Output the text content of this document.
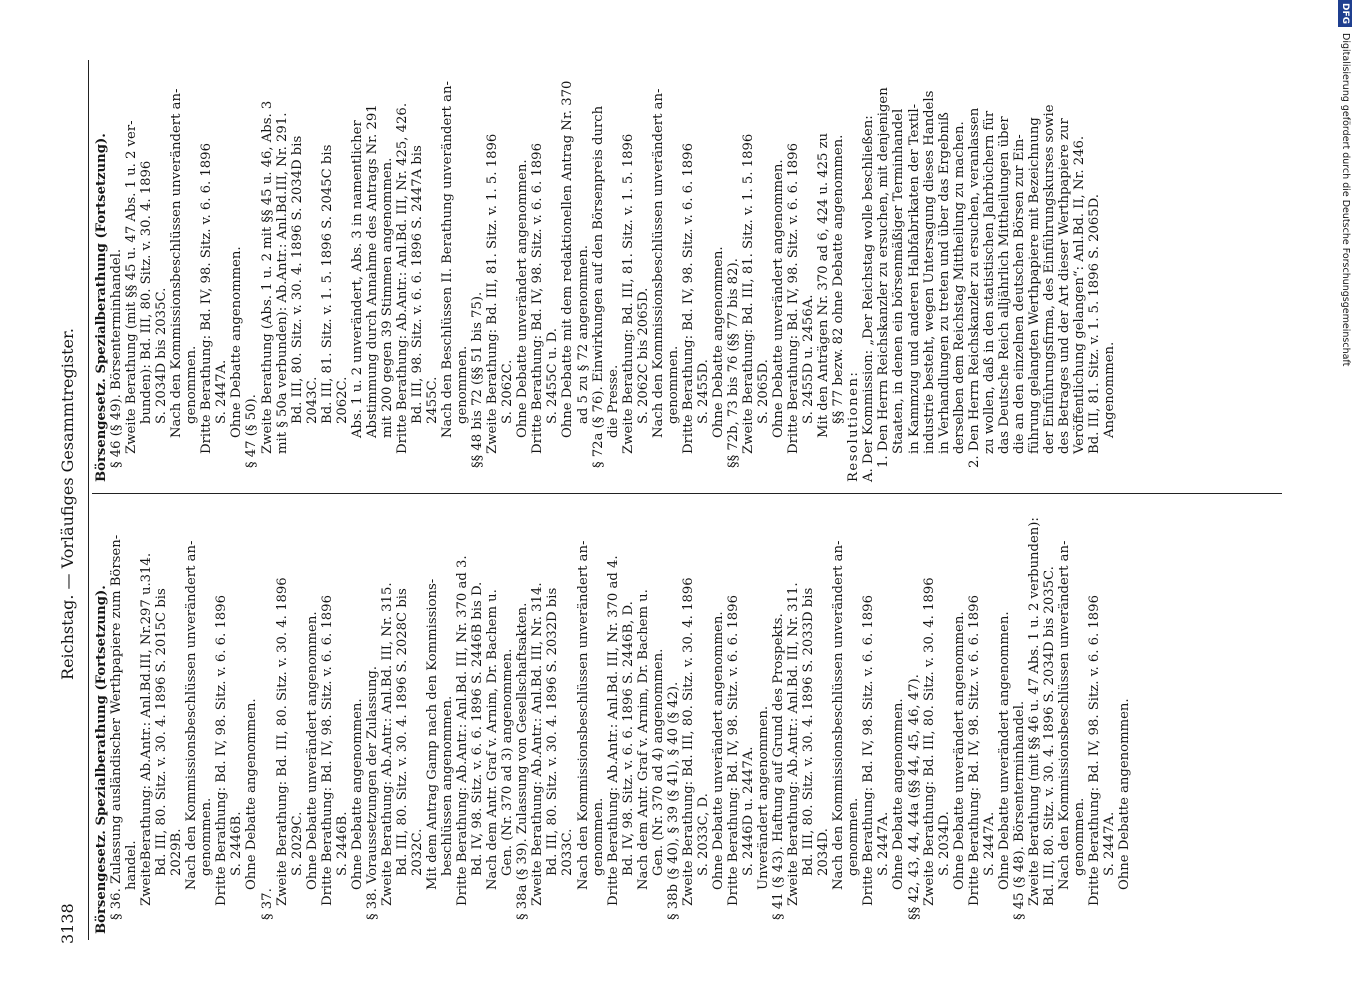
3138
Reichstag. — Vorläufiges Gesammtregister.
Börsengesetz. Spezialberathung (Fortsetzung). § 36. Zulassung ausländischer Werthpapiere zum Börsen- handel. ZweiteBerathung: Ab.Antr.: Anl.Bd.III, Nr.297 u.314. Bd. III, 80. Sitz. v. 30. 4. 1896 S. 2015C bis 2029B. Nach den Kommissionsbeschlüssen unverändert an- genommen. Dritte Berathung: Bd. IV, 98. Sitz. v. 6. 6. 1896 S. 2446B. Ohne Debatte angenommen.
§ 37. Zweite Berathung: Bd. III, 80. Sitz. v. 30. 4. 1896 S. 2029C. Ohne Debatte unverändert angenommen. Dritte Berathung: Bd. IV, 98. Sitz. v. 6. 6. 1896 S. 2446B. Ohne Debatte angenommen. § 38. Voraussetzungen der Zulassung. Zweite Berathung: Ab.Antr.: Anl.Bd. III, Nr. 315. Bd. III, 80. Sitz. v. 30. 4. 1896 S. 2028C bis 2032C. Mit dem Antrag Gamp nach den Kommissions- beschlüssen angenommen. Dritte Berathung: Ab.Antr.: Anl.Bd. III, Nr. 370 ad 3. Bd. IV, 98. Sitz. v. 6. 6. 1896 S. 2446B bis D. Nach dem Antr. Graf v. Arnim, Dr. Bachem u. Gen. (Nr. 370 ad 3) angenommen. § 38a (§ 39). Zulassung von Gesellschaftsakten. Zweite Berathung: Ab.Antr.: Anl.Bd. III, Nr. 314. Bd. III, 80. Sitz. v. 30. 4. 1896 S. 2032D bis 2033C. Nach den Kommissionsbeschlüssen unverändert an- genommen. Dritte Berathung: Ab.Antr.: Anl.Bd. III, Nr. 370 ad 4. Bd. IV, 98. Sitz. v. 6. 6. 1896 S. 2446B, D. Nach dem Antr. Graf v. Arnim, Dr. Bachem u. Gen. (Nr. 370 ad 4) angenommen. § 38b (§ 40), § 39 (§ 41), § 40 (§ 42). Zweite Berathung: Bd. III, 80. Sitz. v. 30. 4. 1896 S. 2033C, D. Ohne Debatte unverändert angenommen. Dritte Berathung: Bd. IV, 98. Sitz. v. 6. 6. 1896 S. 2446D u. 2447A. Unverändert angenommen. § 41 (§ 43). Haftung auf Grund des Prospekts. Zweite Berathung: Ab.Antr.: Anl.Bd. III, Nr. 311. Bd. III, 80. Sitz. v. 30. 4. 1896 S. 2033D bis 2034D. Nach den Kommissionsbeschlüssen unverändert an- genommen. Dritte Berathung: Bd. IV, 98. Sitz. v. 6. 6. 1896 S. 2447A. Ohne Debatte angenommen. §§ 42, 43, 44, 44a (§§ 44, 45, 46, 47). Zweite Berathung: Bd. III, 80. Sitz. v. 30. 4. 1896 S. 2034D. Ohne Debatte unverändert angenommen. Dritte Berathung: Bd. IV, 98. Sitz. v. 6. 6. 1896 S. 2447A. Ohne Debatte unverändert angenommen. § 45 (§ 48). Börsenterminhandel. Zweite Berathung (mit §§ 46 u. 47 Abs. 1 u. 2 verbunden): Bd. III, 80. Sitz. v. 30. 4. 1896 S. 2034D bis 2035C. Nach den Kommissionsbeschlüssen unverändert an- genommen. Dritte Berathung: Bd. IV, 98. Sitz. v. 6. 6. 1896 S. 2447A. Ohne Debatte angenommen.
Börsengesetz. Spezialberathung (Fortsetzung). § 46 (§ 49). Börsenterminhandel. Zweite Berathung (mit §§ 45 u. 47 Abs. 1 u. 2 ver- bunden): Bd. III, 80. Sitz. v. 30. 4. 1896 S. 2034D bis 2035C. Nach den Kommissionsbeschlüssen unverändert an- genommen. Dritte Berathung: Bd. IV, 98. Sitz. v. 6. 6. 1896 S. 2447A. Ohne Debatte angenommen. § 47 (§ 50). Zweite Berathung (Abs. 1 u. 2 mit §§ 45 u. 46, Abs. 3 mit § 50a verbunden): Ab.Antr.: Anl.Bd.III, Nr. 291. Bd. III, 80. Sitz. v. 30. 4. 1896 S. 2034D bis 2043C. Bd. III, 81. Sitz. v. 1. 5. 1896 S. 2045C bis 2062C. Abs. 1 u. 2 unverändert, Abs. 3 in namentlicher Abstimmung durch Annahme des Antrags Nr. 291 mit 200 gegen 39 Stimmen angenommen. Dritte Berathung: Ab.Antr.: Anl.Bd. III, Nr. 425, 426. Bd. III, 98. Sitz. v. 6. 6. 1896 S. 2447A bis 2455C. Nach den Beschlüssen II. Berathung unverändert an- genommen. §§ 48 bis 72 (§§ 51 bis 75). Zweite Berathung: Bd. III, 81. Sitz. v. 1. 5. 1896 S. 2062C. Ohne Debatte unverändert angenommen. Dritte Berathung: Bd. IV, 98. Sitz. v. 6. 6. 1896 S. 2455C u. D. Ohne Debatte mit dem redaktionellen Antrag Nr. 370 ad 5 zu § 72 angenommen. § 72a (§ 76). Einwirkungen auf den Börsenpreis durch die Presse. Zweite Berathung: Bd. III, 81. Sitz. v. 1. 5. 1896 S. 2062C bis 2065D. Nach den Kommissionsbeschlüssen unverändert an- genommen. Dritte Berathung: Bd. IV, 98. Sitz. v. 6. 6. 1896 S. 2455D. Ohne Debatte angenommen. §§ 72b, 73 bis 76 (§§ 77 bis 82). Zweite Berathung: Bd. III, 81. Sitz. v. 1. 5. 1896 S. 2065D. Ohne Debatte unverändert angenommen. Dritte Berathung: Bd. IV, 98. Sitz. v. 6. 6. 1896 S. 2455D u. 2456A. Mit den Anträgen Nr. 370 ad 6, 424 u. 425 zu §§ 77 bezw. 82 ohne Debatte angenommen.
Resolutionen: A. Der Kommission: „Der Reichstag wolle beschließen: 1. Den Herrn Reichskanzler zu ersuchen, mit denjenigen Staaten, in denen ein börsenmäßiger Terminhandel in Kammzug und anderen Halbfabrikaten der Textil- industrie besteht, wegen Untersagung dieses Handels in Verhandlungen zu treten und über das Ergebniß derselben dem Reichstag Mittheilung zu machen. 2. Den Herrn Reichskanzler zu ersuchen, veranlassen zu wollen, daß in den statistischen Jahrbüchern für das Deutsche Reich alljährlich Mittheilungen über die an den einzelnen deutschen Börsen zur Ein- führung gelangten Werthpapiere mit Bezeichnung der Einführungsfirma, des Einführungskurses sowie des Betrages und der Art dieser Werthpapiere zur Veröffentlichung gelangen“: Anl.Bd. II, Nr. 246. Bd. III, 81. Sitz. v. 1. 5. 1896 S. 2065D. Angenommen.
DFGDigitalisierung gefördert durch die Deutsche Forschungsgemeinschaft
